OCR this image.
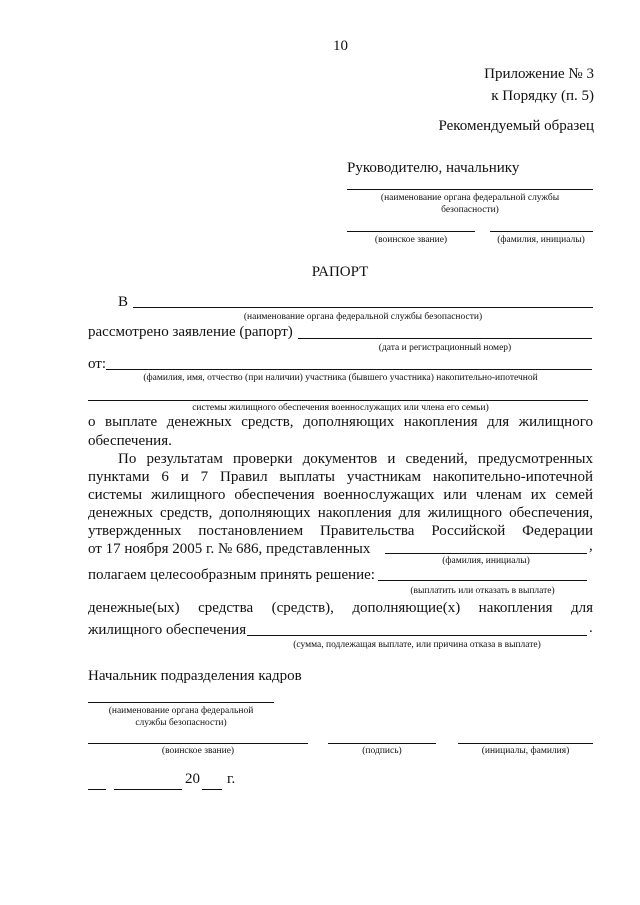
10
Приложение № 3
к Порядку (п. 5)
Рекомендуемый образец
Руководителю, начальнику
(наименование органа федеральной службы
безопасности)
(воинское звание)	(фамилия, инициалы)
РАПОРТ
В
(наименование органа федеральной службы безопасности)
рассмотрено заявление (рапорт)
(дата и регистрационный номер)
от:
(фамилия, имя, отчество (при наличии) участника (бывшего участника) накопительно-ипотечной
системы жилищного обеспечения военнослужащих или члена его семьи)
о выплате денежных средств, дополняющих накопления для жилищного
обеспечения.
По результатам проверки документов и сведений, предусмотренных
пунктами 6 и 7 Правил выплаты участникам накопительно-ипотечной
системы жилищного обеспечения военнослужащих или членам их семей
денежных средств, дополняющих накопления для жилищного обеспечения,
утвержденных постановлением Правительства Российской Федерации
от 17 ноября 2005 г. № 686, представленных	,
(фамилия, инициалы)
полагаем целесообразным принять решение:
(выплатить или отказать в выплате)
денежные(ых) средства (средств), дополняющие(х) накопления для
жилищного обеспечения	.
(сумма, подлежащая выплате, или причина отказа в выплате)
Начальник подразделения кадров
(наименование органа федеральной
службы безопасности)
(воинское звание)	(подпись)	(инициалы, фамилия)
20 г.
